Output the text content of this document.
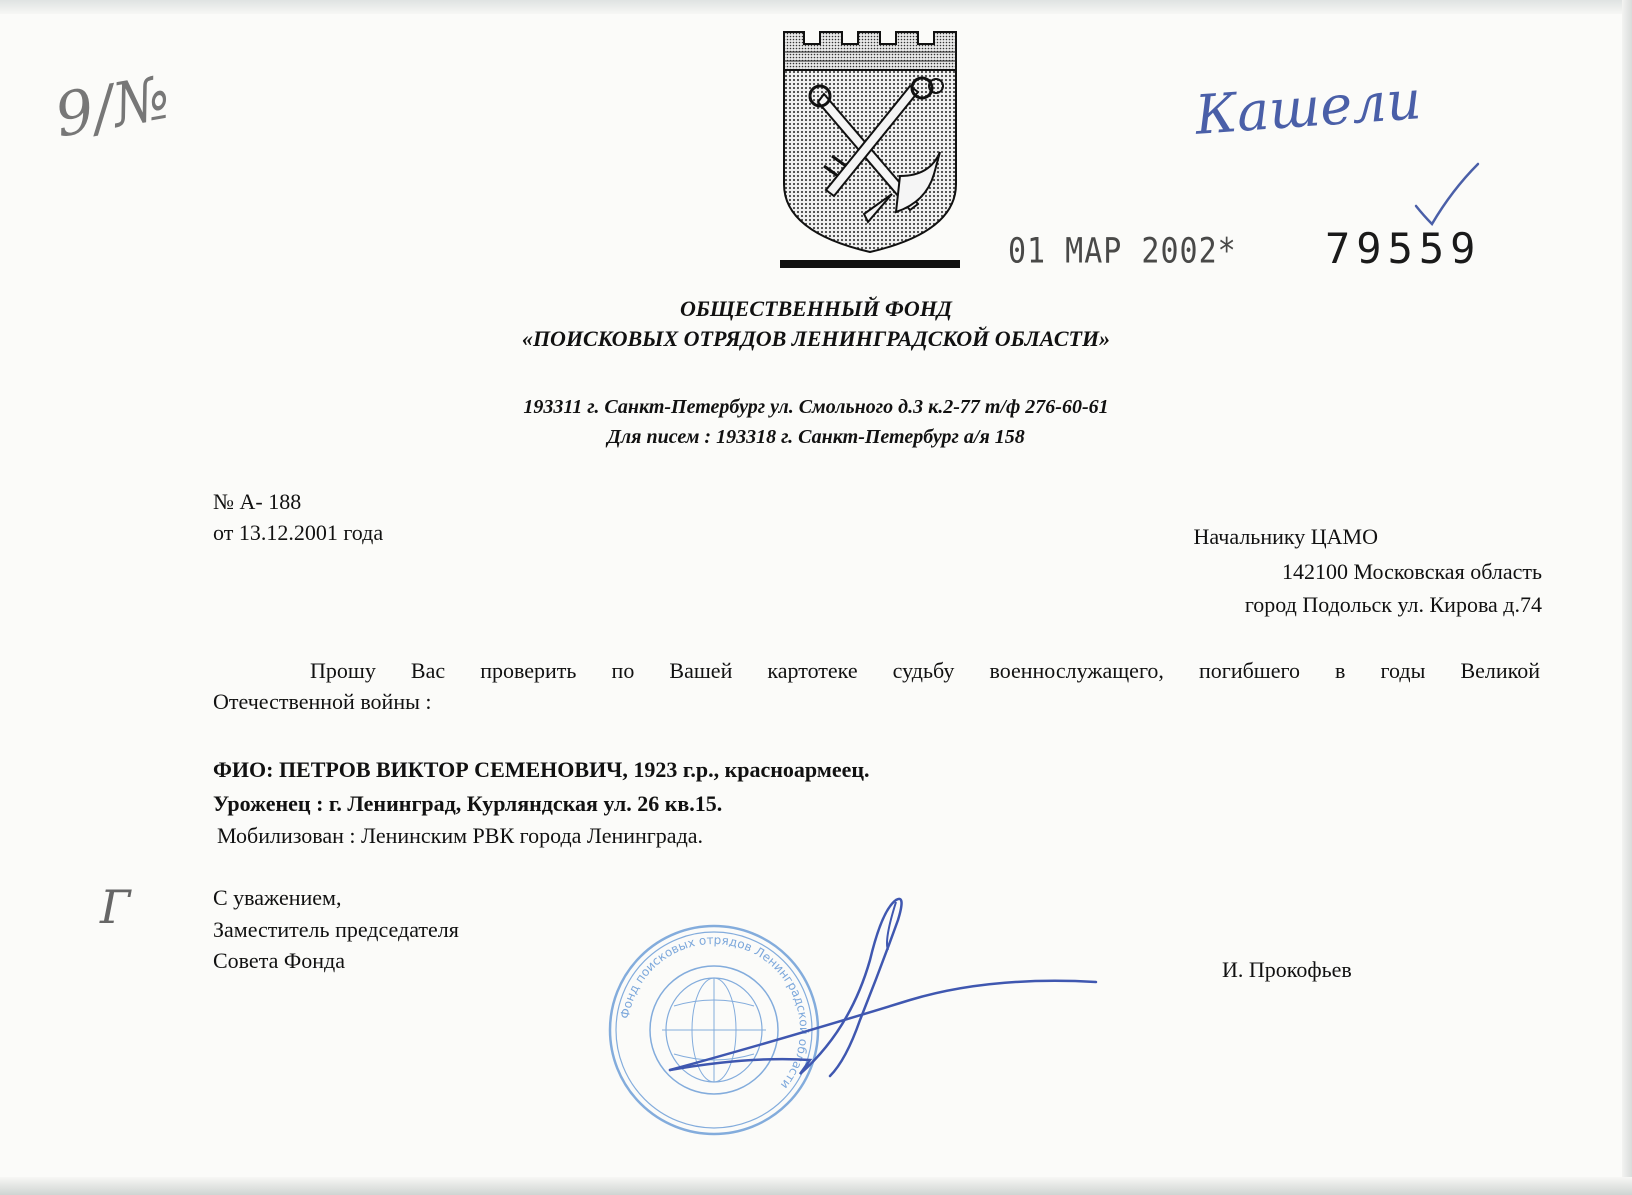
ОБЩЕСТВЕННЫЙ ФОНД
«ПОИСКОВЫХ ОТРЯДОВ ЛЕНИНГРАДСКОЙ ОБЛАСТИ»
193311 г. Санкт-Петербург ул. Смольного д.3 к.2-77 т/ф 276-60-61
Для писем : 193318 г. Санкт-Петербург а/я 158
01 МАР 2002* 79559
№ А- 188
от 13.12.2001 года	Начальнику ЦАМО
142100 Московская область
город Подольск ул. Кирова д.74
Прошу Вас проверить по Вашей картотеке судьбу военнослужащего, погибшего в годы Великой
Отечественной войны :
ФИО: ПЕТРОВ ВИКТОР СЕМЕНОВИЧ, 1923 г.р., красноармеец.
Уроженец : г. Ленинград, Курляндская ул. 26 кв.15.
Мобилизован : Ленинским РВК города Ленинграда.
С уважением,
Заместитель председателя
Совета Фонда	И. Прокофьев
Фонд поисковых отрядов Ленинградской области
Кашели
9/№
Г
